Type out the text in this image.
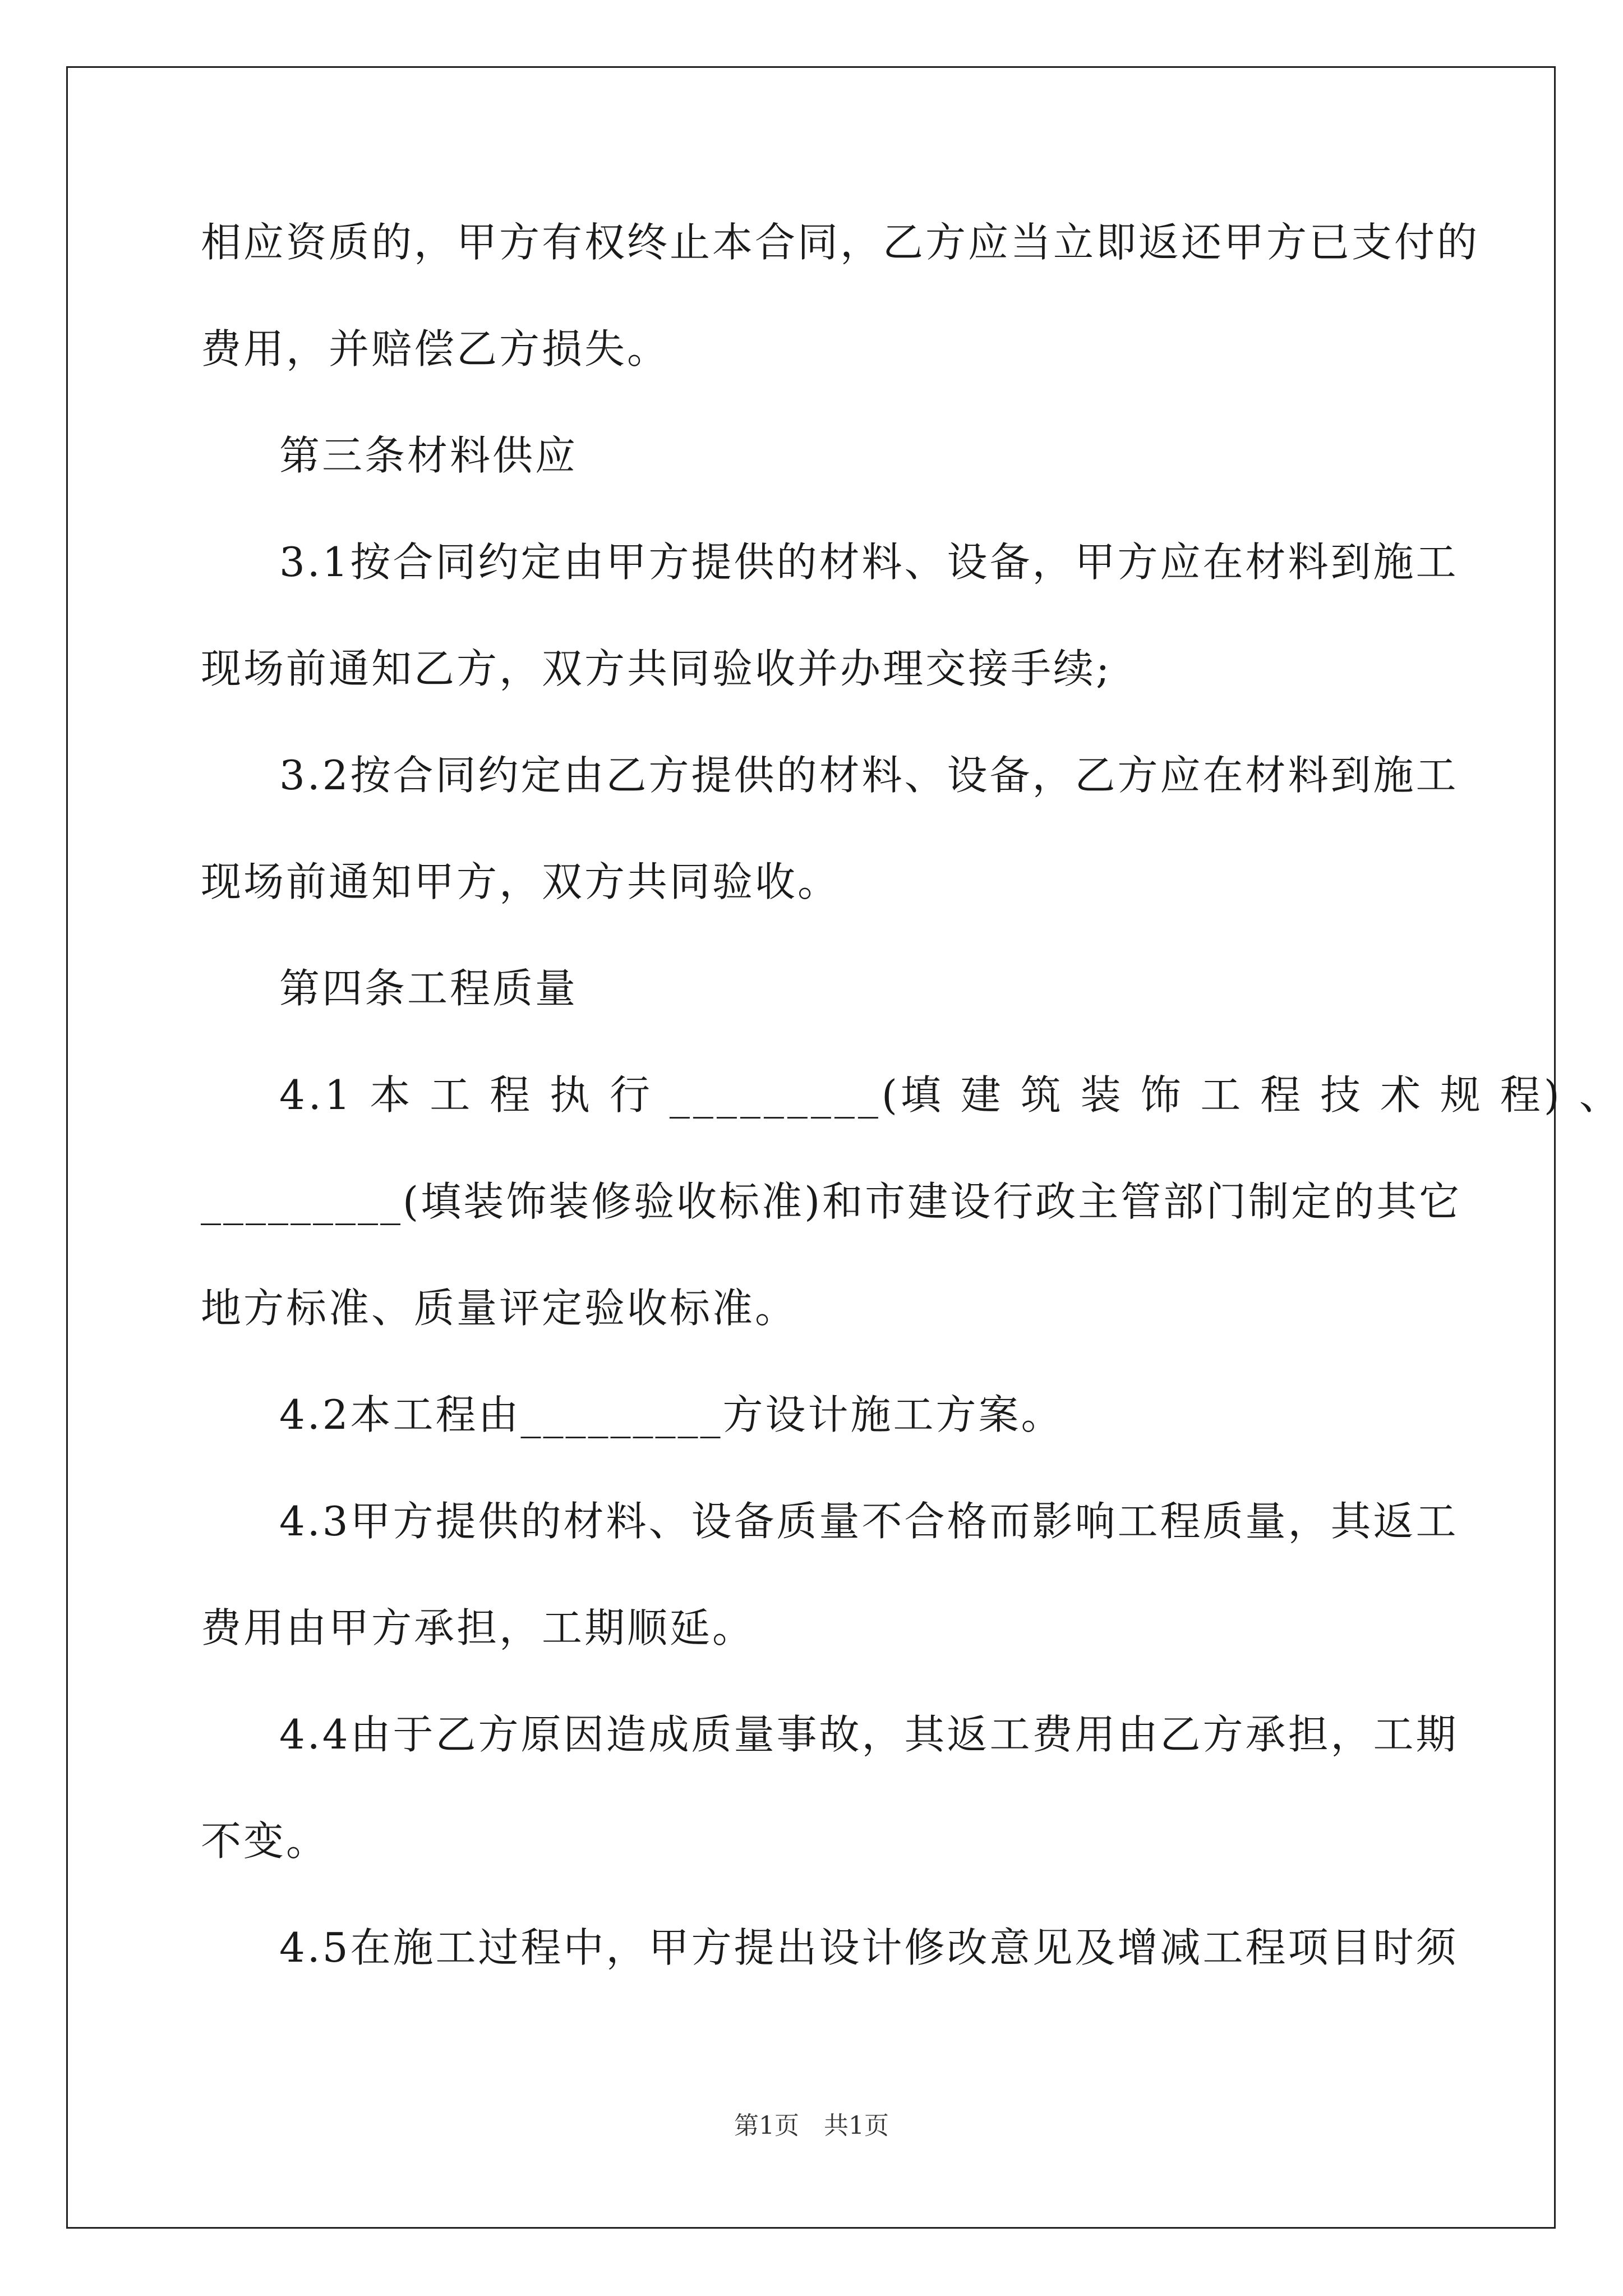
相应资质的，甲方有权终止本合同，乙方应当立即返还甲方已支付的
费用，并赔偿乙方损失。
第三条材料供应
3.1按合同约定由甲方提供的材料、设备，甲方应在材料到施工
现场前通知乙方，双方共同验收并办理交接手续;
3.2按合同约定由乙方提供的材料、设备，乙方应在材料到施工
现场前通知甲方，双方共同验收。
第四条工程质量
4.1 本 工 程 执 行 _________(填 建 筑 装 饰 工 程 技 术 规 程) 、
_________(填装饰装修验收标准)和市建设行政主管部门制定的其它
地方标准、质量评定验收标准。
4.2本工程由_________方设计施工方案。
4.3甲方提供的材料、设备质量不合格而影响工程质量，其返工
费用由甲方承担，工期顺延。
4.4由于乙方原因造成质量事故，其返工费用由乙方承担，工期
不变。
4.5在施工过程中，甲方提出设计修改意见及增减工程项目时须
第1页　共1页
